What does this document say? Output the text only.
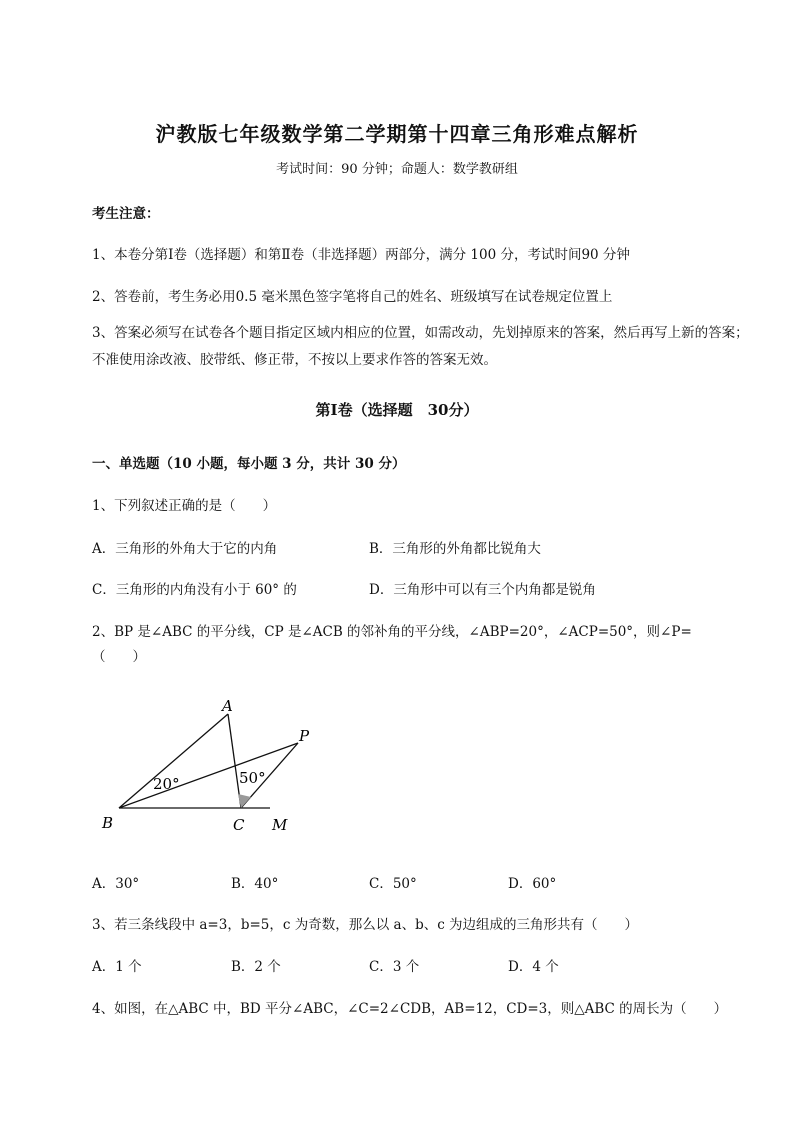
沪教版七年级数学第二学期第十四章三角形难点解析
考试时间：90 分钟；命题人：数学教研组
考生注意：
1、本卷分第Ⅰ卷（选择题）和第Ⅱ卷（非选择题）两部分，满分 100 分，考试时间90 分钟
2、答卷前，考生务必用0.5 毫米黑色签字笔将自己的姓名、班级填写在试卷规定位置上
3、答案必须写在试卷各个题目指定区域内相应的位置，如需改动，先划掉原来的答案，然后再写上新的答案；不准使用涂改液、胶带纸、修正带，不按以上要求作答的答案无效。
第Ⅰ卷（选择题　30分）
一、单选题（10 小题，每小题 3 分，共计 30 分）
1、下列叙述正确的是（　　）
A．三角形的外角大于它的内角	B．三角形的外角都比锐角大
C．三角形的内角没有小于 60° 的	D．三角形中可以有三个内角都是锐角
2、BP 是∠ABC 的平分线，CP 是∠ACB 的邻补角的平分线，∠ABP=20°，∠ACP=50°，则∠P=
（　　）
A
P
B	C M
20°	50°
A．30°	B．40°	C．50°	D．60°
3、若三条线段中 a=3，b=5，c 为奇数，那么以 a、b、c 为边组成的三角形共有（　　）
A．1 个	B．2 个	C．3 个	D．4 个
4、如图，在△ABC 中，BD 平分∠ABC，∠C=2∠CDB，AB=12，CD=3，则△ABC 的周长为（　　）
